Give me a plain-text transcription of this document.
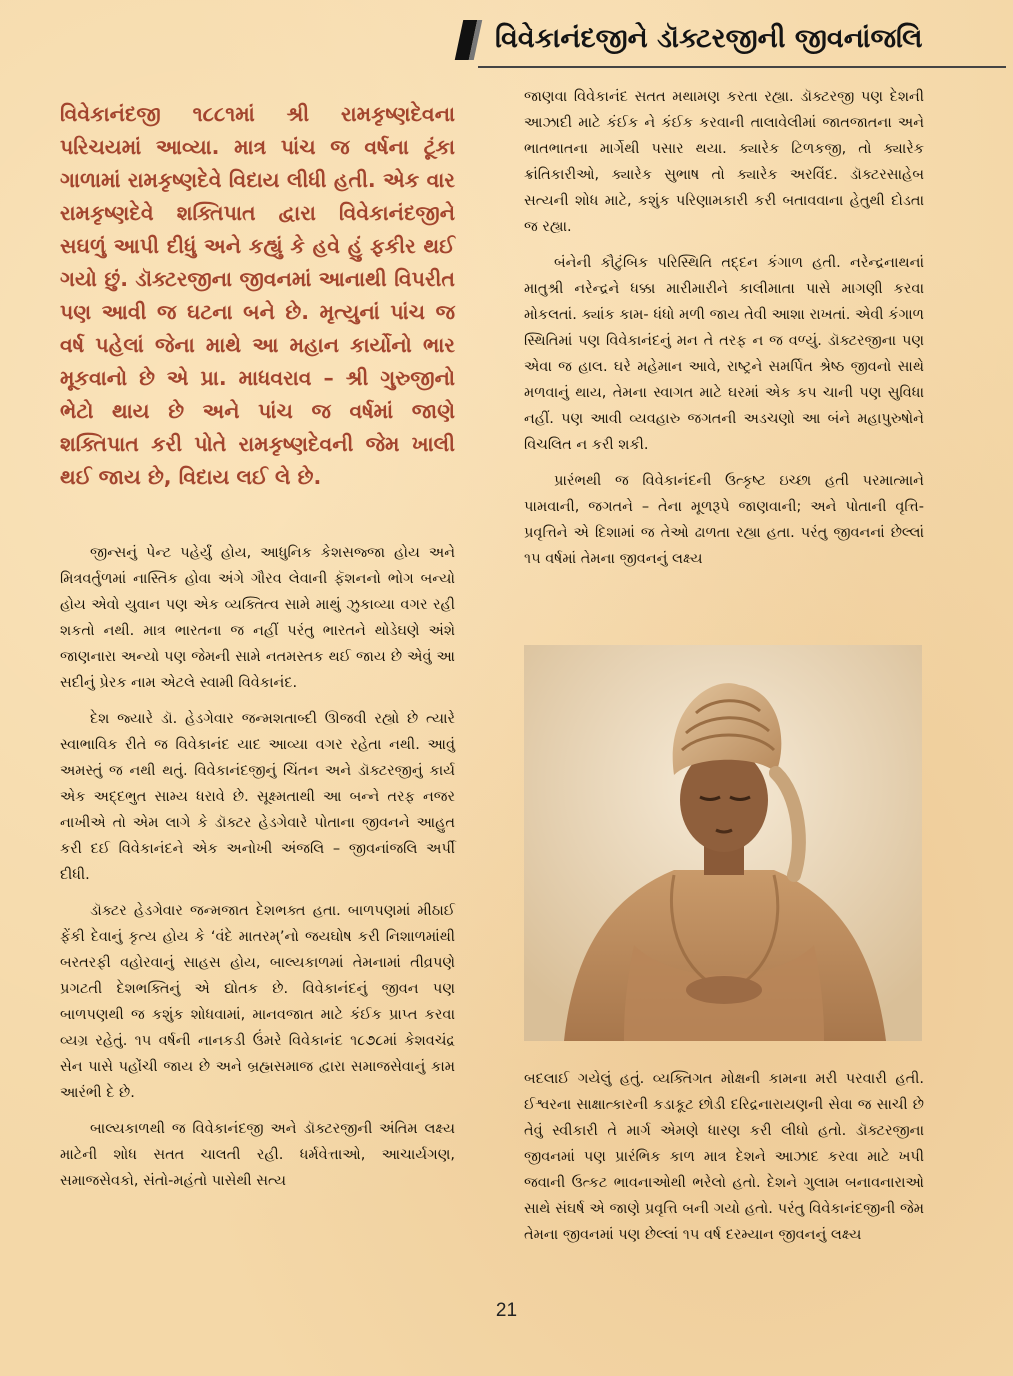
વિવેકાનંદજીને ડૉક્ટરજીની જીવનાંજલિ
વિવેકાનંદજી ૧૮૮૧માં શ્રી રામકૃષ્ણદેવના પરિચયમાં આવ્યા. માત્ર પાંચ જ વર્ષના ટૂંકા ગાળામાં રામકૃષ્ણદેવે વિદાય લીધી હતી. એક વાર રામકૃષ્ણદેવે શક્તિપાત દ્વારા વિવેકાનંદજીને સઘળું આપી દીધું અને કહ્યું કે હવે હું ફકીર થઈ ગયો છું. ડૉક્ટરજીના જીવનમાં આનાથી વિપરીત પણ આવી જ ઘટના બને છે. મૃત્યુનાં પાંચ જ વર્ષ પહેલાં જેના માથે આ મહાન કાર્યોનો ભાર મૂકવાનો છે એ પ્રા. માધવરાવ – શ્રી ગુરુજીનો ભેટો થાય છે અને પાંચ જ વર્ષમાં જાણે શક્તિપાત કરી પોતે રામકૃષ્ણદેવની જેમ ખાલી થઈ જાય છે, વિદાય લઈ લે છે.

જીન્સનું પેન્ટ પહેર્યું હોય, આધુનિક કેશસજ્જા હોય અને મિત્રવર્તુળમાં નાસ્તિક હોવા અંગે ગૌરવ લેવાની ફૅશનનો ભોગ બન્યો હોય એવો યુવાન પણ એક વ્યક્તિત્વ સામે માથું ઝુકાવ્યા વગર રહી શકતો નથી. માત્ર ભારતના જ નહીં પરંતુ ભારતને થોડેઘણે અંશે જાણનારા અન્યો પણ જેમની સામે નતમસ્તક થઈ જાય છે એવું આ સદીનું પ્રેરક નામ એટલે સ્વામી વિવેકાનંદ.

દેશ જ્યારે ડૉ. હેડગેવાર જન્મશતાબ્દી ઊજવી રહ્યો છે ત્યારે સ્વાભાવિક રીતે જ વિવેકાનંદ યાદ આવ્યા વગર રહેતા નથી. આવું અમસ્તું જ નથી થતું. વિવેકાનંદજીનું ચિંતન અને ડૉક્ટરજીનું કાર્ય એક અદ્દભુત સામ્ય ધરાવે છે. સૂક્ષ્મતાથી આ બન્ને તરફ નજર નાખીએ તો એમ લાગે કે ડૉક્ટર હેડગેવારે પોતાના જીવનને આહુત કરી દઈ વિવેકાનંદને એક અનોખી અંજલિ – જીવનાંજલિ અર્પી દીધી.

ડૉક્ટર હેડગેવાર જન્મજાત દેશભક્ત હતા. બાળપણમાં મીઠાઈ ફેંકી દેવાનું કૃત્ય હોય કે ‘વંદે માતરમ્’નો જયઘોષ કરી નિશાળમાંથી બરતરફી વહોરવાનું સાહસ હોય, બાલ્યકાળમાં તેમનામાં તીવ્રપણે પ્રગટતી દેશભક્તિનું એ દ્યોતક છે. વિવેકાનંદનું જીવન પણ બાળપણથી જ કશુંક શોધવામાં, માનવજાત માટે કંઈક પ્રાપ્ત કરવા વ્યગ્ર રહેતું. ૧૫ વર્ષની નાનકડી ઉંમરે વિવેકાનંદ ૧૮૭૮માં કેશવચંદ્ર સેન પાસે પહોંચી જાય છે અને બ્રહ્મસમાજ દ્વારા સમાજસેવાનું કામ આરંભી દે છે.

બાલ્યકાળથી જ વિવેકાનંદજી અને ડૉક્ટરજીની અંતિમ લક્ષ્ય માટેની શોધ સતત ચાલતી રહી. ધર્મવેત્તાઓ, આચાર્યગણ, સમાજસેવકો, સંતો-મહંતો પાસેથી સત્ય

જાણવા વિવેકાનંદ સતત મથામણ કરતા રહ્યા. ડૉક્ટરજી પણ દેશની આઝાદી માટે કંઈક ને કંઈક કરવાની તાલાવેલીમાં જાતજાતના અને ભાતભાતના માર્ગેથી પસાર થયા. ક્યારેક ટિળકજી, તો ક્યારેક ક્રાંતિકારીઓ, ક્યારેક સુભાષ તો ક્યારેક અરવિંદ. ડૉક્ટરસાહેબ સત્યની શોધ માટે, કશુંક પરિણામકારી કરી બતાવવાના હેતુથી દોડતા જ રહ્યા.

બંનેની કૌટુંબિક પરિસ્થિતિ તદ્દન કંગાળ હતી. નરેન્દ્રનાથનાં માતુશ્રી નરેન્દ્રને ધક્કા મારીમારીને કાલીમાતા પાસે માગણી કરવા મોકલતાં. ક્યાંક કામ- ધંધો મળી જાય તેવી આશા રાખતાં. એવી કંગાળ સ્થિતિમાં પણ વિવેકાનંદનું મન તે તરફ ન જ વળ્યું. ડૉક્ટરજીના પણ એવા જ હાલ. ઘરે મહેમાન આવે, રાષ્ટ્રને સમર્પિત શ્રેષ્ઠ જીવનો સાથે મળવાનું થાય, તેમના સ્વાગત માટે ઘરમાં એક કપ ચાની પણ સુવિધા નહીં. પણ આવી વ્યવહારુ જગતની અડચણો આ બંને મહાપુરુષોને વિચલિત ન કરી શકી.

પ્રારંભથી જ વિવેકાનંદની ઉત્કૃષ્ટ ઇચ્છા હતી પરમાત્માને પામવાની, જગતને – તેના મૂળરૂપે જાણવાની; અને પોતાની વૃત્તિ-પ્રવૃત્તિને એ દિશામાં જ તેઓ ઢાળતા રહ્યા હતા. પરંતુ જીવનનાં છેલ્લાં ૧૫ વર્ષમાં તેમના જીવનનું લક્ષ્ય

બદલાઈ ગયેલું હતું. વ્યક્તિગત મોક્ષની કામના મરી પરવારી હતી. ઈશ્વરના સાક્ષાત્કારની કડાકૂટ છોડી દરિદ્રનારાયણની સેવા જ સાચી છે તેવું સ્વીકારી તે માર્ગ એમણે ધારણ કરી લીધો હતો. ડૉક્ટરજીના જીવનમાં પણ પ્રારંભિક કાળ માત્ર દેશને આઝાદ કરવા માટે ખપી જવાની ઉત્કટ ભાવનાઓથી ભરેલો હતો. દેશને ગુલામ બનાવનારાઓ સાથે સંઘર્ષ એ જાણે પ્રવૃત્તિ બની ગયો હતો. પરંતુ વિવેકાનંદજીની જેમ તેમના જીવનમાં પણ છેલ્લાં ૧૫ વર્ષ દરમ્યાન જીવનનું લક્ષ્ય

21
